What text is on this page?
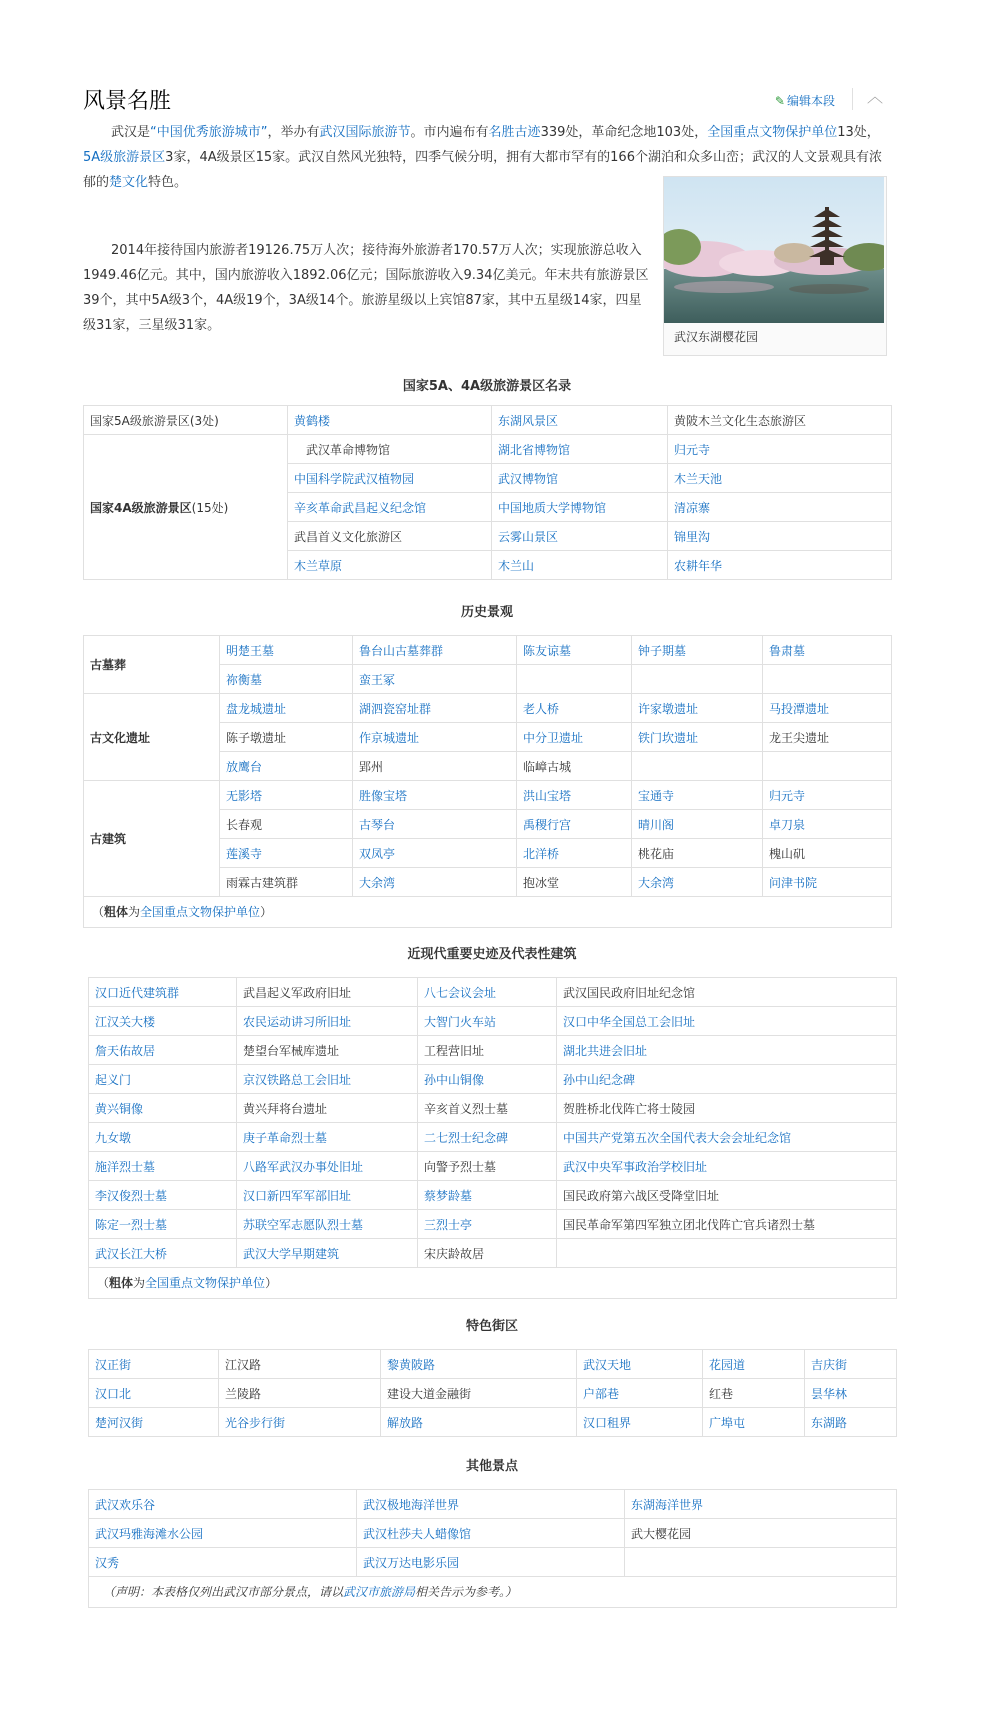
风景名胜	✎ 编辑本段 ︿

武汉是“中国优秀旅游城市”，举办有武汉国际旅游节。市内遍布有名胜古迹339处，革命纪念地103处，全国重点文物保护单位13处，5A级旅游景区3家，4A级景区15家。武汉自然风光独特，四季气候分明，拥有大都市罕有的166个湖泊和众多山峦；武汉的人文景观具有浓郁的楚文化特色。

2014年接待国内旅游者19126.75万人次；接待海外旅游者170.57万人次；实现旅游总收入1949.46亿元。其中，国内旅游收入1892.06亿元；国际旅游收入9.34亿美元。年末共有旅游景区39个，其中5A级3个，4A级19个，3A级14个。旅游星级以上宾馆87家，其中五星级14家，四星级31家，三星级31家。

武汉东湖樱花园
国家5A、4A级旅游景区名录
国家5A级旅游景区(3处)	黄鹤楼	东湖风景区	黄陂木兰文化生态旅游区
国家4A级旅游景区(15处)	武汉革命博物馆	湖北省博物馆	归元寺
	中国科学院武汉植物园	武汉博物馆	木兰天池
	辛亥革命武昌起义纪念馆	中国地质大学博物馆	清凉寨
	武昌首义文化旅游区	云雾山景区	锦里沟
	木兰草原	木兰山	农耕年华
历史景观
古墓葬	明楚王墓	鲁台山古墓葬群	陈友谅墓	钟子期墓	鲁肃墓
	祢衡墓	蛮王冢			
古文化遗址	盘龙城遗址	湖泗瓷窑址群	老人桥	许家墩遗址	马投潭遗址
	陈子墩遗址	作京城遗址	中分卫遗址	铁门坎遗址	龙王尖遗址
	放鹰台	郢州	临嶂古城		
古建筑	无影塔	胜像宝塔	洪山宝塔	宝通寺	归元寺
	长春观	古琴台	禹稷行宫	晴川阁	卓刀泉
	莲溪寺	双凤亭	北洋桥	桃花庙	槐山矶
	雨霖古建筑群	大余湾	抱冰堂	大余湾	问津书院
（粗体为全国重点文物保护单位）					
近现代重要史迹及代表性建筑
汉口近代建筑群	武昌起义军政府旧址	八七会议会址	武汉国民政府旧址纪念馆
江汉关大楼	农民运动讲习所旧址	大智门火车站	汉口中华全国总工会旧址
詹天佑故居	楚望台军械库遗址	工程营旧址	湖北共进会旧址
起义门	京汉铁路总工会旧址	孙中山铜像	孙中山纪念碑
黄兴铜像	黄兴拜将台遗址	辛亥首义烈士墓	贺胜桥北伐阵亡将士陵园
九女墩	庚子革命烈士墓	二七烈士纪念碑	中国共产党第五次全国代表大会会址纪念馆
施洋烈士墓	八路军武汉办事处旧址	向警予烈士墓	武汉中央军事政治学校旧址
李汉俊烈士墓	汉口新四军军部旧址	蔡梦龄墓	国民政府第六战区受降堂旧址
陈定一烈士墓	苏联空军志愿队烈士墓	三烈士亭	国民革命军第四军独立团北伐阵亡官兵诸烈士墓
武汉长江大桥	武汉大学早期建筑	宋庆龄故居	
（粗体为全国重点文物保护单位）			
特色街区
汉正街	江汉路	黎黄陂路	武汉天地	花园道	吉庆街
汉口北	兰陵路	建设大道金融街	户部巷	红巷	昙华林
楚河汉街	光谷步行街	解放路	汉口租界	广埠屯	东湖路
其他景点
武汉欢乐谷	武汉极地海洋世界	东湖海洋世界
武汉玛雅海滩水公园	武汉杜莎夫人蜡像馆	武大樱花园
汉秀	武汉万达电影乐园	
（声明：本表格仅列出武汉市部分景点，请以武汉市旅游局相关告示为参考。）		
